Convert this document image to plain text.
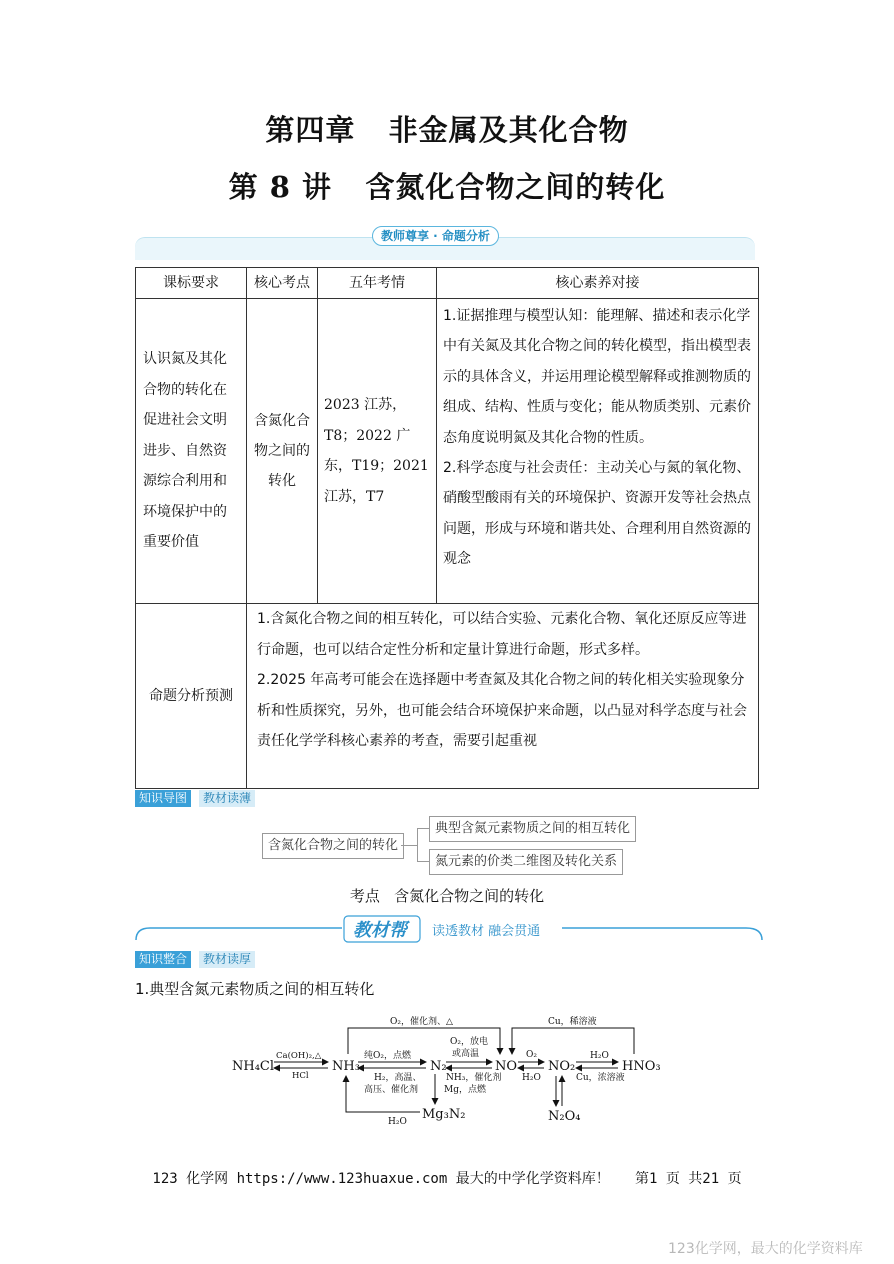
第四章   非金属及其化合物
第 8 讲   含氮化合物之间的转化
教师尊享 · 命题分析
课标要求	核心考点	五年考情	核心素养对接
认识氮及其化合物的转化在促进社会文明进步、自然资源综合利用和环境保护中的重要价值	含氮化合物之间的转化	2023 江苏，T8；2022 广东，T19；2021 江苏，T7	1.证据推理与模型认知：能理解、描述和表示化学中有关氮及其化合物之间的转化模型，指出模型表示的具体含义，并运用理论模型解释或推测物质的组成、结构、性质与变化；能从物质类别、元素价态角度说明氮及其化合物的性质。
2.科学态度与社会责任：主动关心与氮的氧化物、硝酸型酸雨有关的环境保护、资源开发等社会热点问题，形成与环境和谐共处、合理利用自然资源的观念

命题分析预测	1.含氮化合物之间的相互转化，可以结合实验、元素化合物、氧化还原反应等进行命题，也可以结合定性分析和定量计算进行命题，形式多样。
2.2025 年高考可能会在选择题中考查氮及其化合物之间的转化相关实验现象分析和性质探究，另外，也可能会结合环境保护来命题，以凸显对科学态度与社会责任化学学科核心素养的考查，需要引起重视		
知识导图	教材读薄
含氮化合物之间的转化
典型含氮元素物质之间的相互转化
氮元素的价类二维图及转化关系
考点   含氮化合物之间的转化
教材帮 读透教材 融会贯通
知识整合	教材读厚
1.典型含氮元素物质之间的相互转化
NH₄Cl	NH₃	N₂	NO NO₂	HNO₃
Mg₃N₂	N₂O₄
Ca(OH)₂,△
HCl
O₂，催化剂、△
纯O₂，点燃
H₂，高温、
高压、催化剂
O₂，放电
或高温
NH₃，催化剂
Mg，点燃
H₂O
O₂
H₂O
H₂O
Cu，浓溶液
Cu，稀溶液
123 化学网 https://www.123huaxue.com 最大的中学化学资料库！   第1 页 共21 页
123化学网，最大的化学资料库
